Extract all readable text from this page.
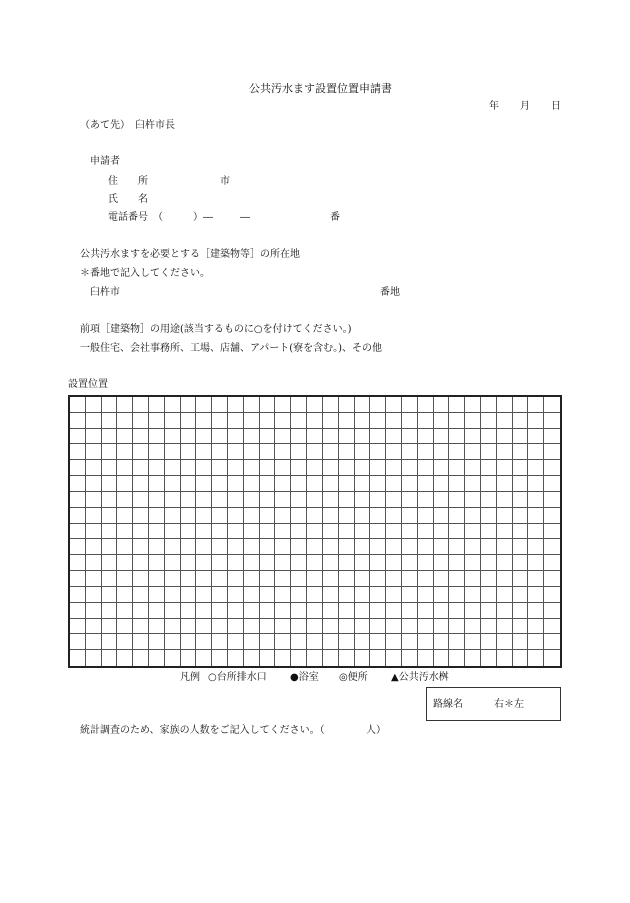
公共汚水ます設置位置申請書
年 月 日
（あて先）　臼杵市長
申請者
住　　所	市
氏　　名
電話番号　（　　　）―	―	番
公共汚水ますを必要とする［建築物等］の所在地
＊番地で記入してください。
臼杵市	番地
前項［建築物］の用途(該当するものに○を付けてください。)
一般住宅、会社事務所、工場、店舗、アパート(寮を含む。)、その他
設置位置
凡例 ○台所排水口 ●浴室 ◎便所 ▲公共汚水桝
路線名	右＊左
統計調査のため、家族の人数をご記入してください。（	人）
